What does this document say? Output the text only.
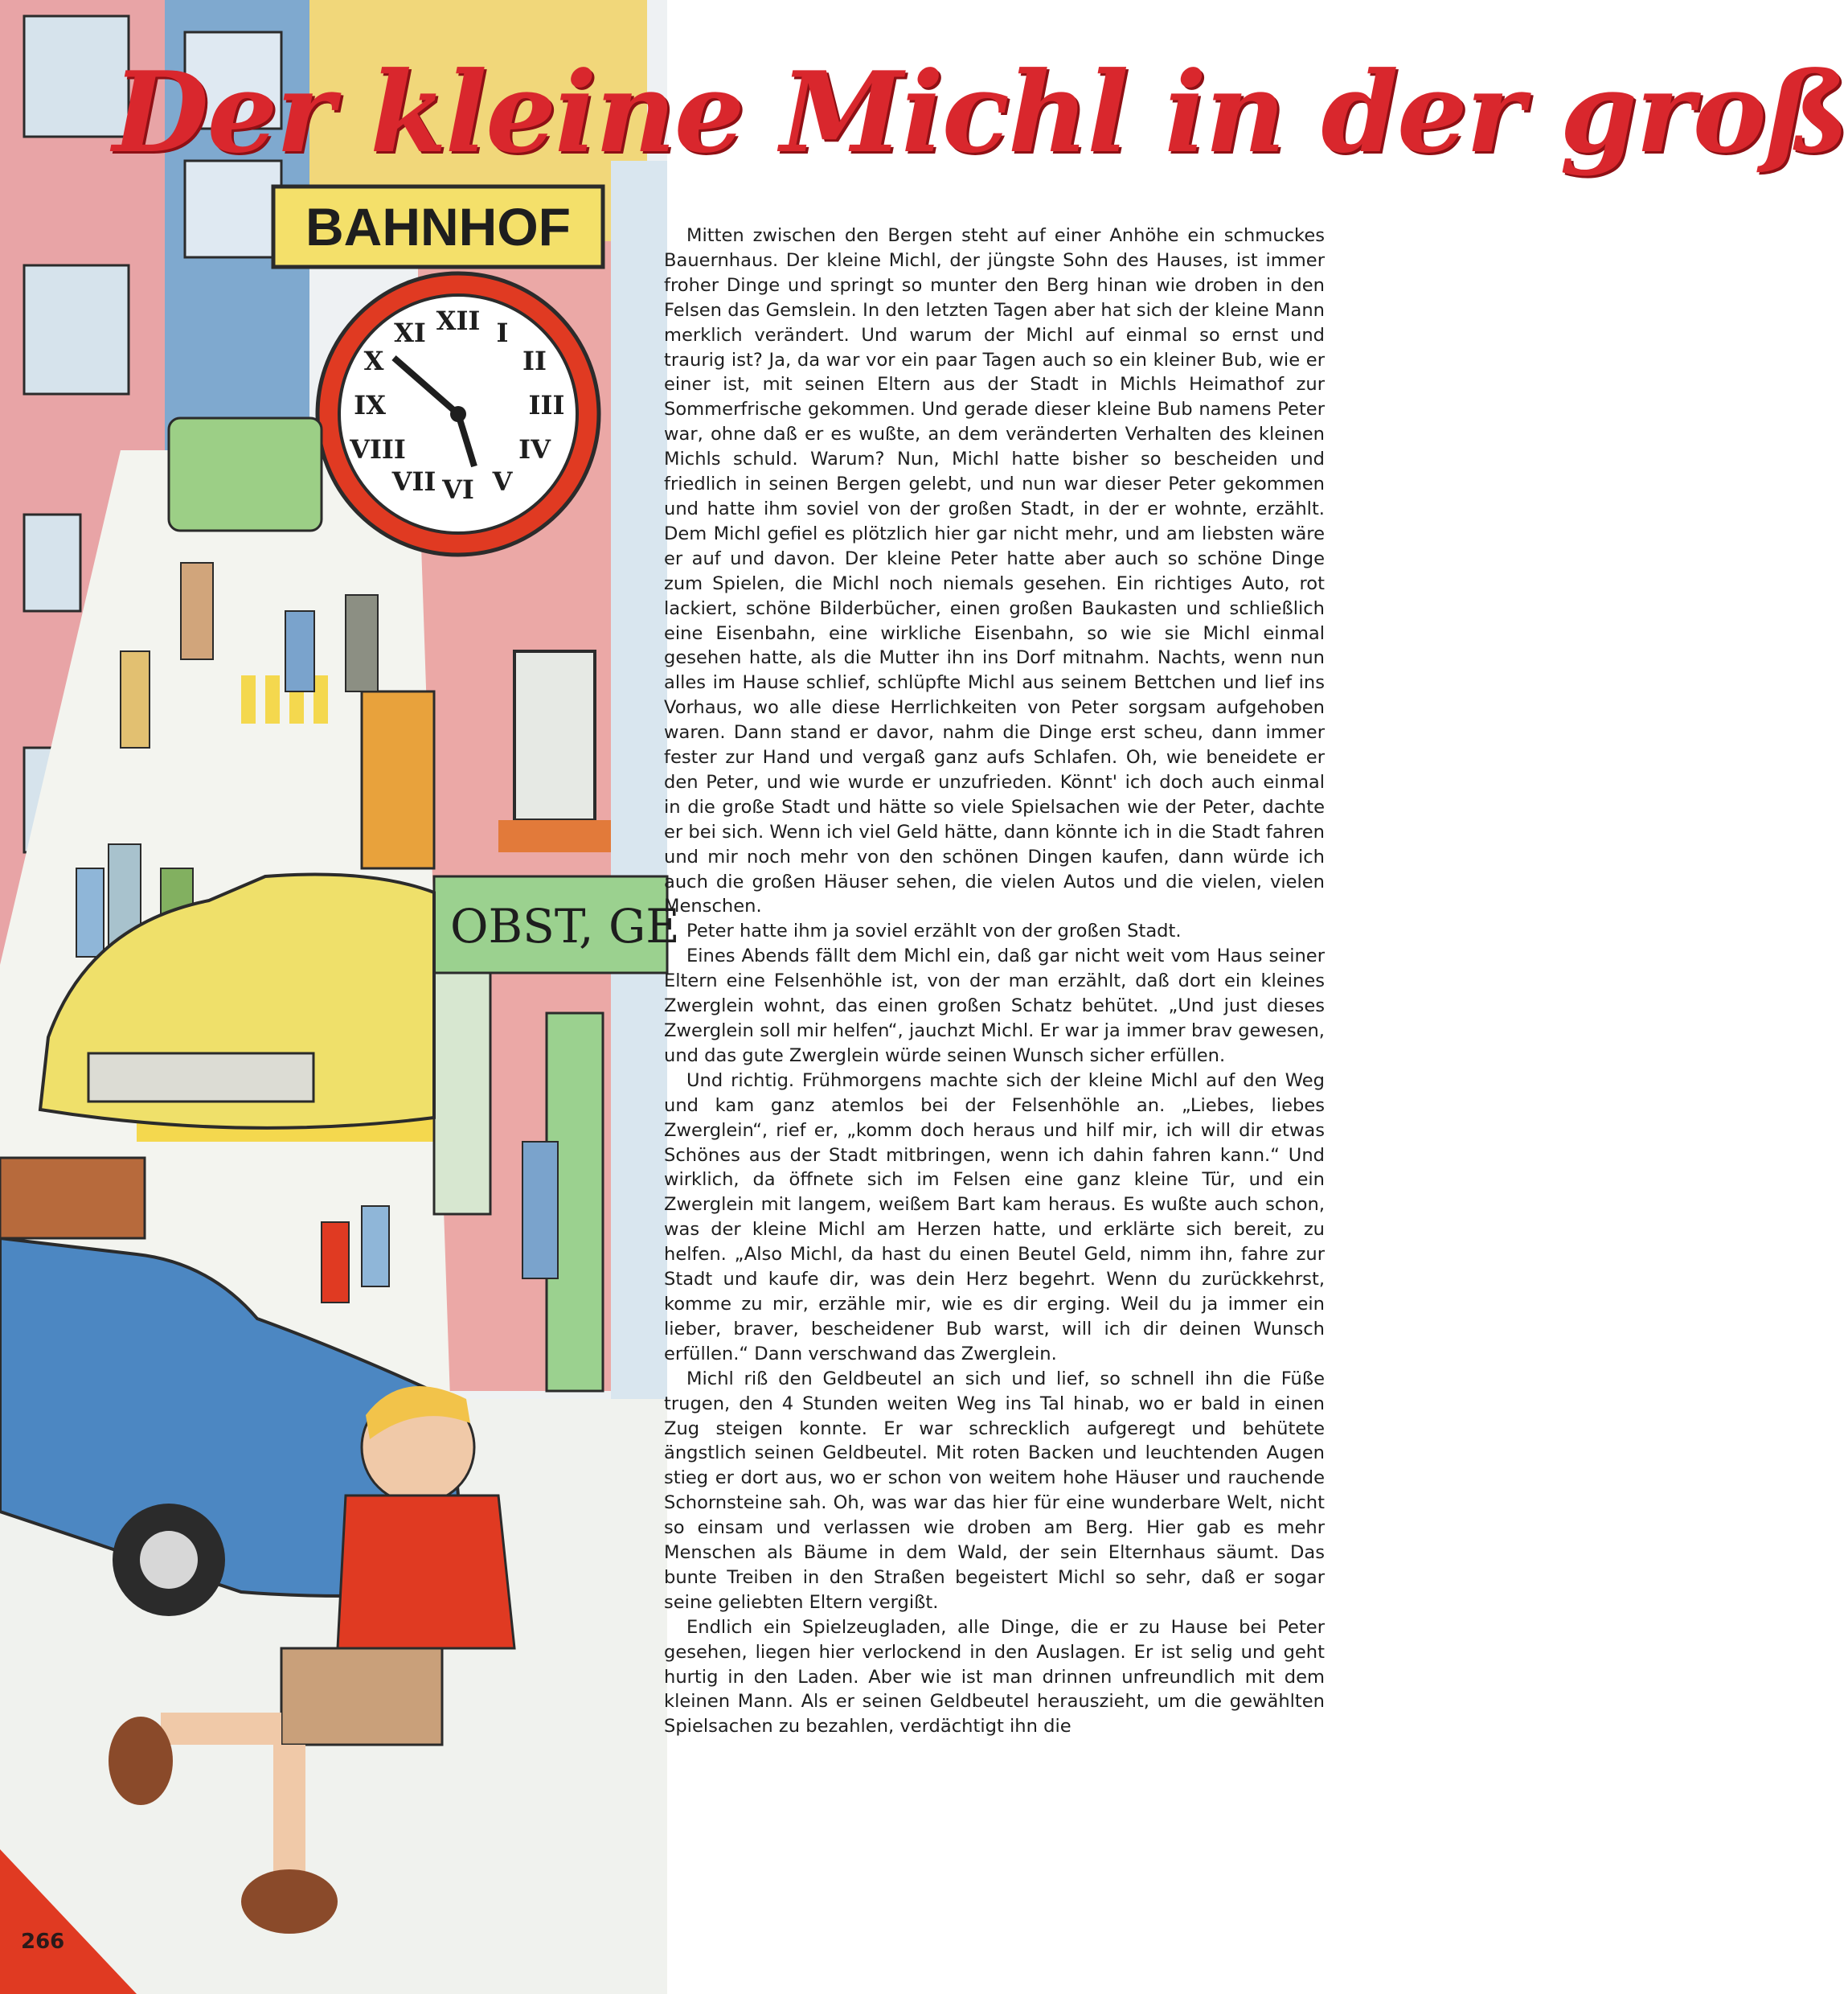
BAHNHOF
XII I
II
III
IV
V
VI
VII
VIII
IX
X
XI
OBST, GE
Der kleine Michl in der groß

Mitten zwischen den Bergen steht auf einer Anhöhe ein schmuckes Bauernhaus. Der kleine Michl, der jüngste Sohn des Hauses, ist immer froher Dinge und springt so munter den Berg hinan wie droben in den Felsen das Gemslein. In den letzten Tagen aber hat sich der kleine Mann merklich verändert. Und warum der Michl auf einmal so ernst und traurig ist? Ja, da war vor ein paar Tagen auch so ein kleiner Bub, wie er einer ist, mit seinen Eltern aus der Stadt in Michls Heimathof zur Sommerfrische gekommen. Und gerade dieser kleine Bub namens Peter war, ohne daß er es wußte, an dem veränderten Verhalten des kleinen Michls schuld. Warum? Nun, Michl hatte bisher so bescheiden und friedlich in seinen Bergen gelebt, und nun war dieser Peter gekommen und hatte ihm soviel von der großen Stadt, in der er wohnte, erzählt. Dem Michl gefiel es plötzlich hier gar nicht mehr, und am liebsten wäre er auf und davon. Der kleine Peter hatte aber auch so schöne Dinge zum Spielen, die Michl noch niemals gesehen. Ein richtiges Auto, rot lackiert, schöne Bilderbücher, einen großen Baukasten und schließlich eine Eisenbahn, eine wirkliche Eisenbahn, so wie sie Michl einmal gesehen hatte, als die Mutter ihn ins Dorf mitnahm. Nachts, wenn nun alles im Hause schlief, schlüpfte Michl aus seinem Bettchen und lief ins Vorhaus, wo alle diese Herrlichkeiten von Peter sorgsam aufgehoben waren. Dann stand er davor, nahm die Dinge erst scheu, dann immer fester zur Hand und vergaß ganz aufs Schlafen. Oh, wie beneidete er den Peter, und wie wurde er unzufrieden. Könnt' ich doch auch einmal in die große Stadt und hätte so viele Spielsachen wie der Peter, dachte er bei sich. Wenn ich viel Geld hätte, dann könnte ich in die Stadt fahren und mir noch mehr von den schönen Dingen kaufen, dann würde ich auch die großen Häuser sehen, die vielen Autos und die vielen, vielen Menschen.

Peter hatte ihm ja soviel erzählt von der großen Stadt.

Eines Abends fällt dem Michl ein, daß gar nicht weit vom Haus seiner Eltern eine Felsenhöhle ist, von der man erzählt, daß dort ein kleines Zwerglein wohnt, das einen großen Schatz behütet. „Und just dieses Zwerglein soll mir helfen“, jauchzt Michl. Er war ja immer brav gewesen, und das gute Zwerglein würde seinen Wunsch sicher erfüllen.

Und richtig. Frühmorgens machte sich der kleine Michl auf den Weg und kam ganz atemlos bei der Felsenhöhle an. „Liebes, liebes Zwerglein“, rief er, „komm doch heraus und hilf mir, ich will dir etwas Schönes aus der Stadt mitbringen, wenn ich dahin fahren kann.“ Und wirklich, da öffnete sich im Felsen eine ganz kleine Tür, und ein Zwerglein mit langem, weißem Bart kam heraus. Es wußte auch schon, was der kleine Michl am Herzen hatte, und erklärte sich bereit, zu helfen. „Also Michl, da hast du einen Beutel Geld, nimm ihn, fahre zur Stadt und kaufe dir, was dein Herz begehrt. Wenn du zurückkehrst, komme zu mir, erzähle mir, wie es dir erging. Weil du ja immer ein lieber, braver, bescheidener Bub warst, will ich dir deinen Wunsch erfüllen.“ Dann verschwand das Zwerglein.

Michl riß den Geldbeutel an sich und lief, so schnell ihn die Füße trugen, den 4 Stunden weiten Weg ins Tal hinab, wo er bald in einen Zug steigen konnte. Er war schrecklich aufgeregt und behütete ängstlich seinen Geldbeutel. Mit roten Backen und leuchtenden Augen stieg er dort aus, wo er schon von weitem hohe Häuser und rauchende Schornsteine sah. Oh, was war das hier für eine wunderbare Welt, nicht so einsam und verlassen wie droben am Berg. Hier gab es mehr Menschen als Bäume in dem Wald, der sein Elternhaus säumt. Das bunte Treiben in den Straßen begeistert Michl so sehr, daß er sogar seine geliebten Eltern vergißt.

Endlich ein Spielzeugladen, alle Dinge, die er zu Hause bei Peter gesehen, liegen hier verlockend in den Auslagen. Er ist selig und geht hurtig in den Laden. Aber wie ist man drinnen unfreundlich mit dem kleinen Mann. Als er seinen Geldbeutel herauszieht, um die gewählten Spielsachen zu bezahlen, verdächtigt ihn die

266
